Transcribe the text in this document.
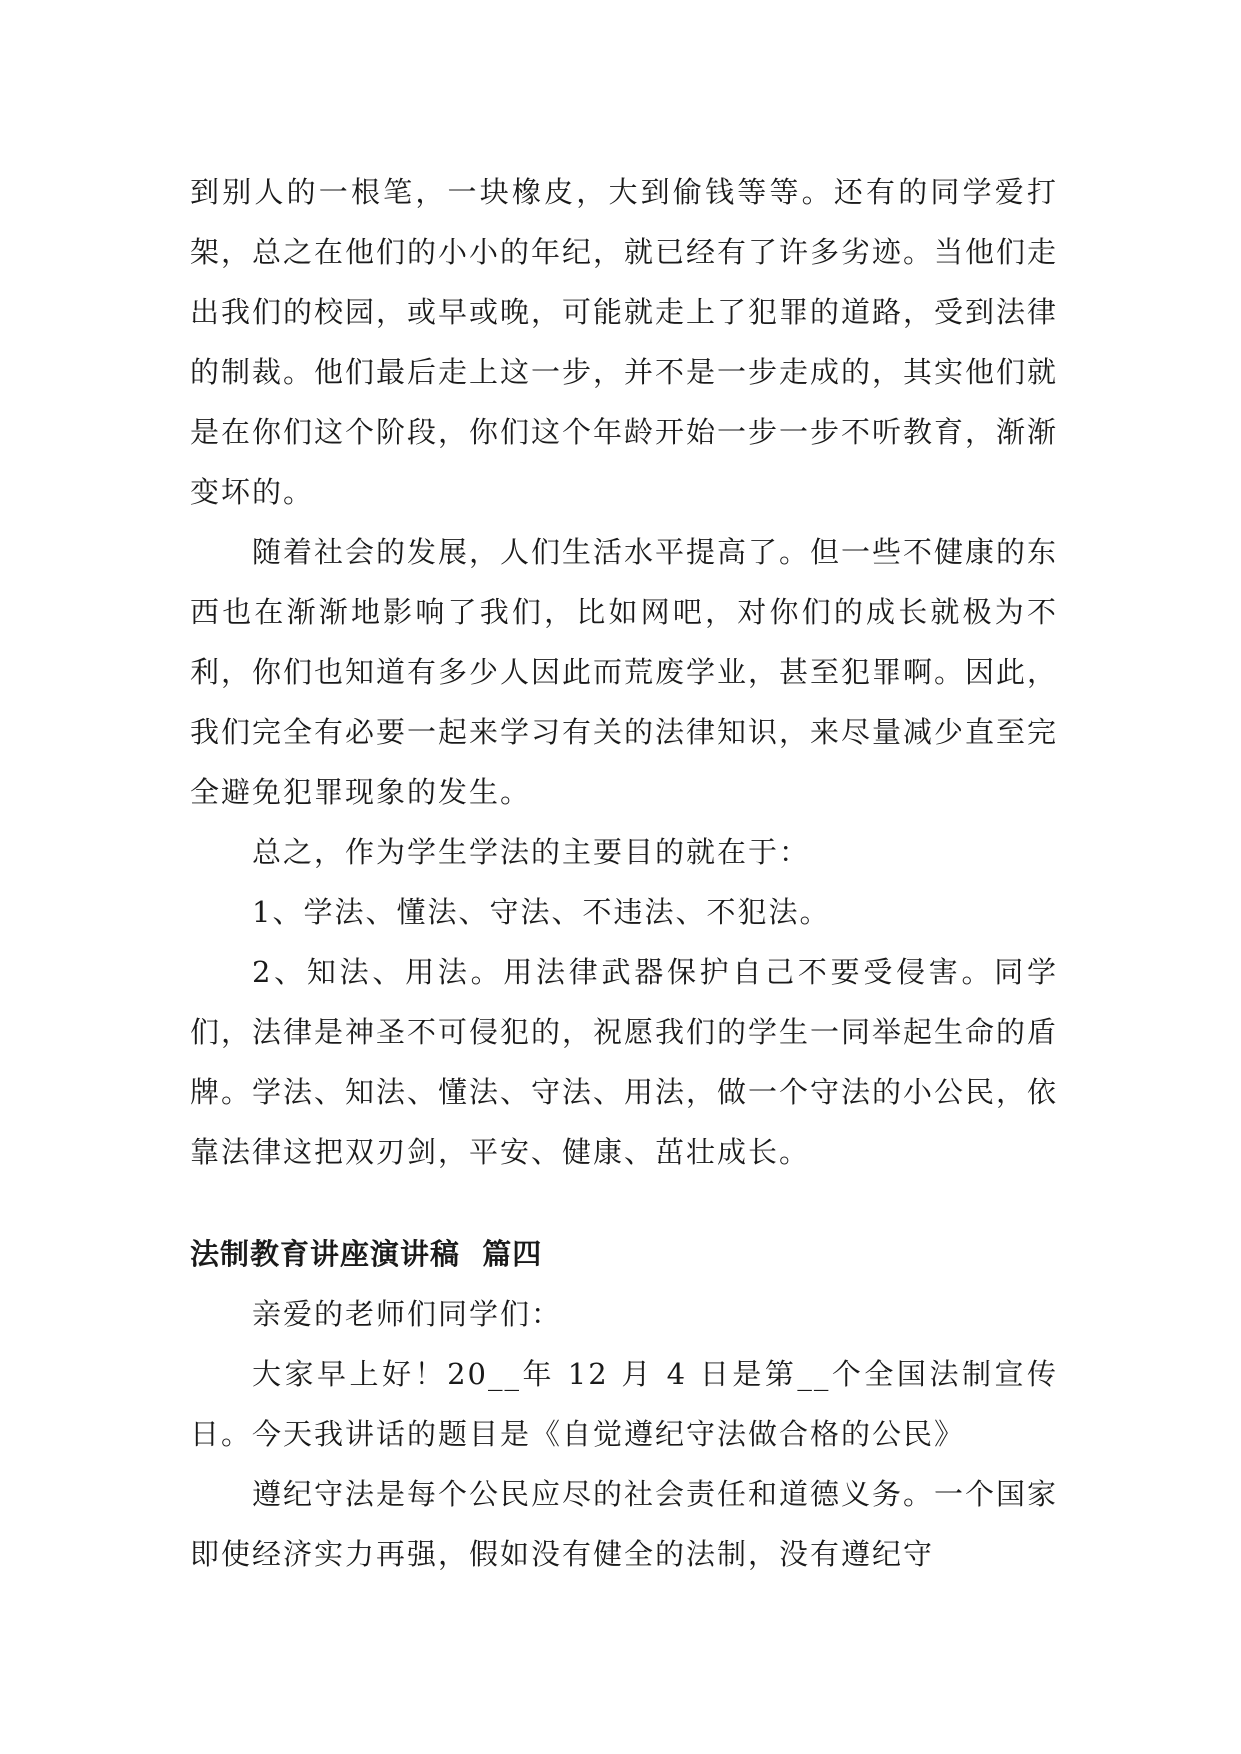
到别人的一根笔，一块橡皮，大到偷钱等等。还有的同学爱打架，总之在他们的小小的年纪，就已经有了许多劣迹。当他们走出我们的校园，或早或晚，可能就走上了犯罪的道路，受到法律的制裁。他们最后走上这一步，并不是一步走成的，其实他们就是在你们这个阶段，你们这个年龄开始一步一步不听教育，渐渐变坏的。

随着社会的发展，人们生活水平提高了。但一些不健康的东西也在渐渐地影响了我们，比如网吧，对你们的成长就极为不利，你们也知道有多少人因此而荒废学业，甚至犯罪啊。因此，我们完全有必要一起来学习有关的法律知识，来尽量减少直至完全避免犯罪现象的发生。

总之，作为学生学法的主要目的就在于：

1、学法、懂法、守法、不违法、不犯法。

2、知法、用法。用法律武器保护自己不要受侵害。同学们，法律是神圣不可侵犯的，祝愿我们的学生一同举起生命的盾牌。学法、知法、懂法、守法、用法，做一个守法的小公民，依靠法律这把双刃剑，平安、健康、茁壮成长。

法制教育讲座演讲稿  篇四

亲爱的老师们同学们：

大家早上好！20__年 12 月 4 日是第__个全国法制宣传日。今天我讲话的题目是《自觉遵纪守法做合格的公民》

遵纪守法是每个公民应尽的社会责任和道德义务。一个国家即使经济实力再强，假如没有健全的法制，没有遵纪守
